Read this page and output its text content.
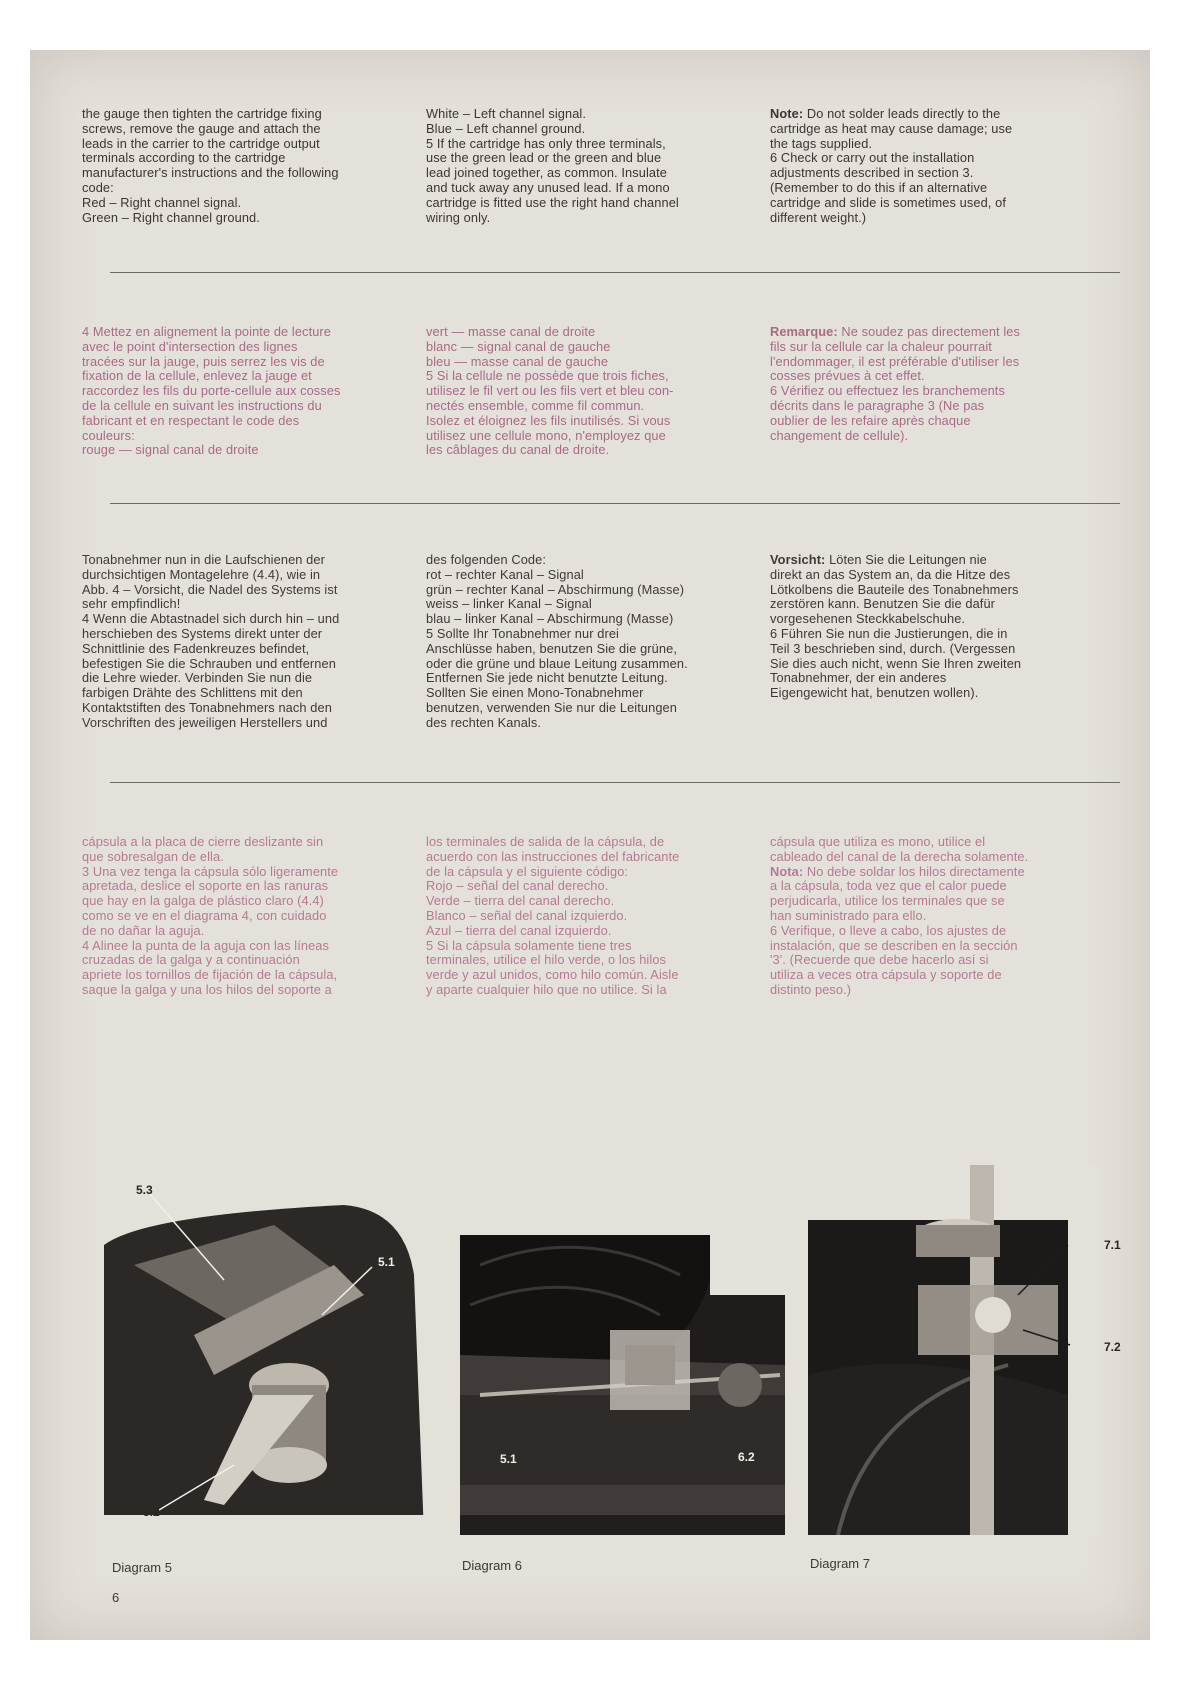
the gauge then tighten the cartridge fixing
screws, remove the gauge and attach the
leads in the carrier to the cartridge output
terminals according to the cartridge
manufacturer's instructions and the following
code:
Red – Right channel signal.
Green – Right channel ground.

White – Left channel signal.
Blue – Left channel ground.
5 If the cartridge has only three terminals,
use the green lead or the green and blue
lead joined together, as common. Insulate
and tuck away any unused lead. If a mono
cartridge is fitted use the right hand channel
wiring only.

Note: Do not solder leads directly to the
cartridge as heat may cause damage; use
the tags supplied.
6 Check or carry out the installation
adjustments described in section 3.
(Remember to do this if an alternative
cartridge and slide is sometimes used, of
different weight.)

4 Mettez en alignement la pointe de lecture
avec le point d'intersection des lignes
tracées sur la jauge, puis serrez les vis de
fixation de la cellule, enlevez la jauge et
raccordez les fils du porte-cellule aux cosses
de la cellule en suivant les instructions du
fabricant et en respectant le code des
couleurs:
rouge — signal canal de droite

vert — masse canal de droite
blanc — signal canal de gauche
bleu — masse canal de gauche
5 Si la cellule ne possède que trois fiches,
utilisez le fil vert ou les fils vert et bleu con-
nectés ensemble, comme fil commun.
Isolez et éloignez les fils inutilisés. Si vous
utilisez une cellule mono, n'employez que
les câblages du canal de droite.

Remarque: Ne soudez pas directement les
fils sur la cellule car la chaleur pourrait
l'endommager, il est préférable d'utiliser les
cosses prévues à cet effet.
6 Vérifiez ou effectuez les branchements
décrits dans le paragraphe 3 (Ne pas
oublier de les refaire après chaque
changement de cellule).

Tonabnehmer nun in die Laufschienen der
durchsichtigen Montagelehre (4.4), wie in
Abb. 4 – Vorsicht, die Nadel des Systems ist
sehr empfindlich!
4 Wenn die Abtastnadel sich durch hin – und
herschieben des Systems direkt unter der
Schnittlinie des Fadenkreuzes befindet,
befestigen Sie die Schrauben und entfernen
die Lehre wieder. Verbinden Sie nun die
farbigen Drähte des Schlittens mit den
Kontaktstiften des Tonabnehmers nach den
Vorschriften des jeweiligen Herstellers und

des folgenden Code:
rot – rechter Kanal – Signal
grün – rechter Kanal – Abschirmung (Masse)
weiss – linker Kanal – Signal
blau – linker Kanal – Abschirmung (Masse)
5 Sollte Ihr Tonabnehmer nur drei
Anschlüsse haben, benutzen Sie die grüne,
oder die grüne und blaue Leitung zusammen.
Entfernen Sie jede nicht benutzte Leitung.
Sollten Sie einen Mono-Tonabnehmer
benutzen, verwenden Sie nur die Leitungen
des rechten Kanals.

Vorsicht: Löten Sie die Leitungen nie
direkt an das System an, da die Hitze des
Lötkolbens die Bauteile des Tonabnehmers
zerstören kann. Benutzen Sie die dafür
vorgesehenen Steckkabelschuhe.
6 Führen Sie nun die Justierungen, die in
Teil 3 beschrieben sind, durch. (Vergessen
Sie dies auch nicht, wenn Sie Ihren zweiten
Tonabnehmer, der ein anderes
Eigengewicht hat, benutzen wollen).

cápsula a la placa de cierre deslizante sin
que sobresalgan de ella.
3 Una vez tenga la cápsula sólo ligeramente
apretada, deslice el soporte en las ranuras
que hay en la galga de plástico claro (4.4)
como se ve en el diagrama 4, con cuidado
de no dañar la aguja.
4 Alinee la punta de la aguja con las líneas
cruzadas de la galga y a continuación
apriete los tornillos de fijación de la cápsula,
saque la galga y una los hilos del soporte a

los terminales de salida de la cápsula, de
acuerdo con las instrucciones del fabricante
de la cápsula y el siguiente código:
Rojo – señal del canal derecho.
Verde – tierra del canal derecho.
Blanco – señal del canal izquierdo.
Azul – tierra del canal izquierdo.
5 Si la cápsula solamente tiene tres
terminales, utilice el hilo verde, o los hilos
verde y azul unidos, como hilo común. Aisle
y aparte cualquier hilo que no utilice. Si la

cápsula que utiliza es mono, utilice el
cableado del canal de la derecha solamente.
Nota: No debe soldar los hilos directamente
a la cápsula, toda vez que el calor puede
perjudicarla, utilice los terminales que se
han suministrado para ello.
6 Verifique, o lleve a cabo, los ajustes de
instalación, que se describen en la sección
'3'. (Recuerde que debe hacerlo así si
utiliza a veces otra cápsula y soporte de
distinto peso.)

5.3
5.1
5.2
5.1	6.2
7.1
7.2
Diagram 5	Diagram 6	Diagram 7
6
